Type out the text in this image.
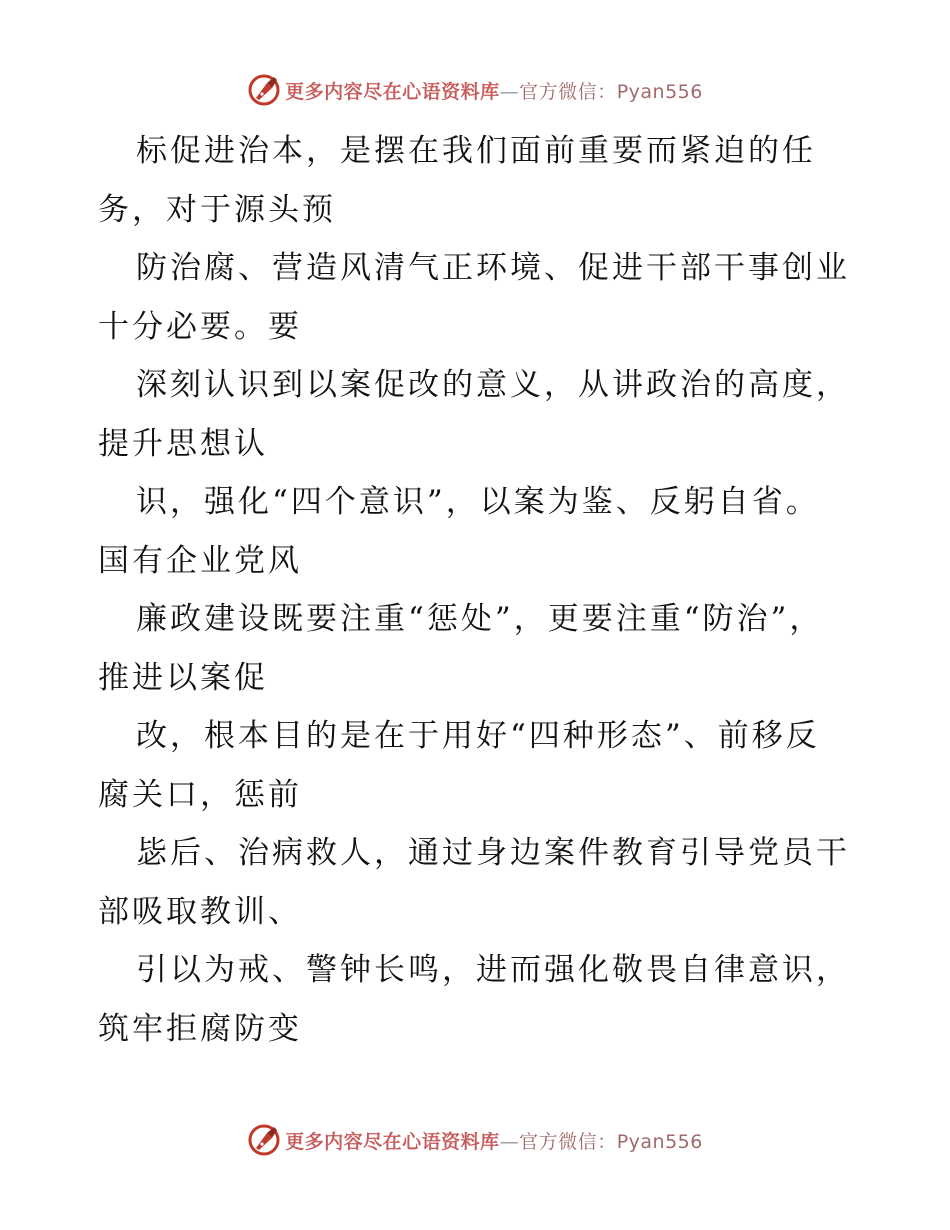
更多内容尽在心语资料库—官方微信：Pyan556
标促进治本，是摆在我们面前重要而紧迫的任
务，对于源头预
防治腐、营造风清气正环境、促进干部干事创业
十分必要。要
深刻认识到以案促改的意义，从讲政治的高度，
提升思想认
识，强化“四个意识”，以案为鉴、反躬自省。
国有企业党风
廉政建设既要注重“惩处”，更要注重“防治”，
推进以案促
改，根本目的是在于用好“四种形态”、前移反
腐关口，惩前
毖后、治病救人，通过身边案件教育引导党员干
部吸取教训、
引以为戒、警钟长鸣，进而强化敬畏自律意识，
筑牢拒腐防变
更多内容尽在心语资料库—官方微信：Pyan556
